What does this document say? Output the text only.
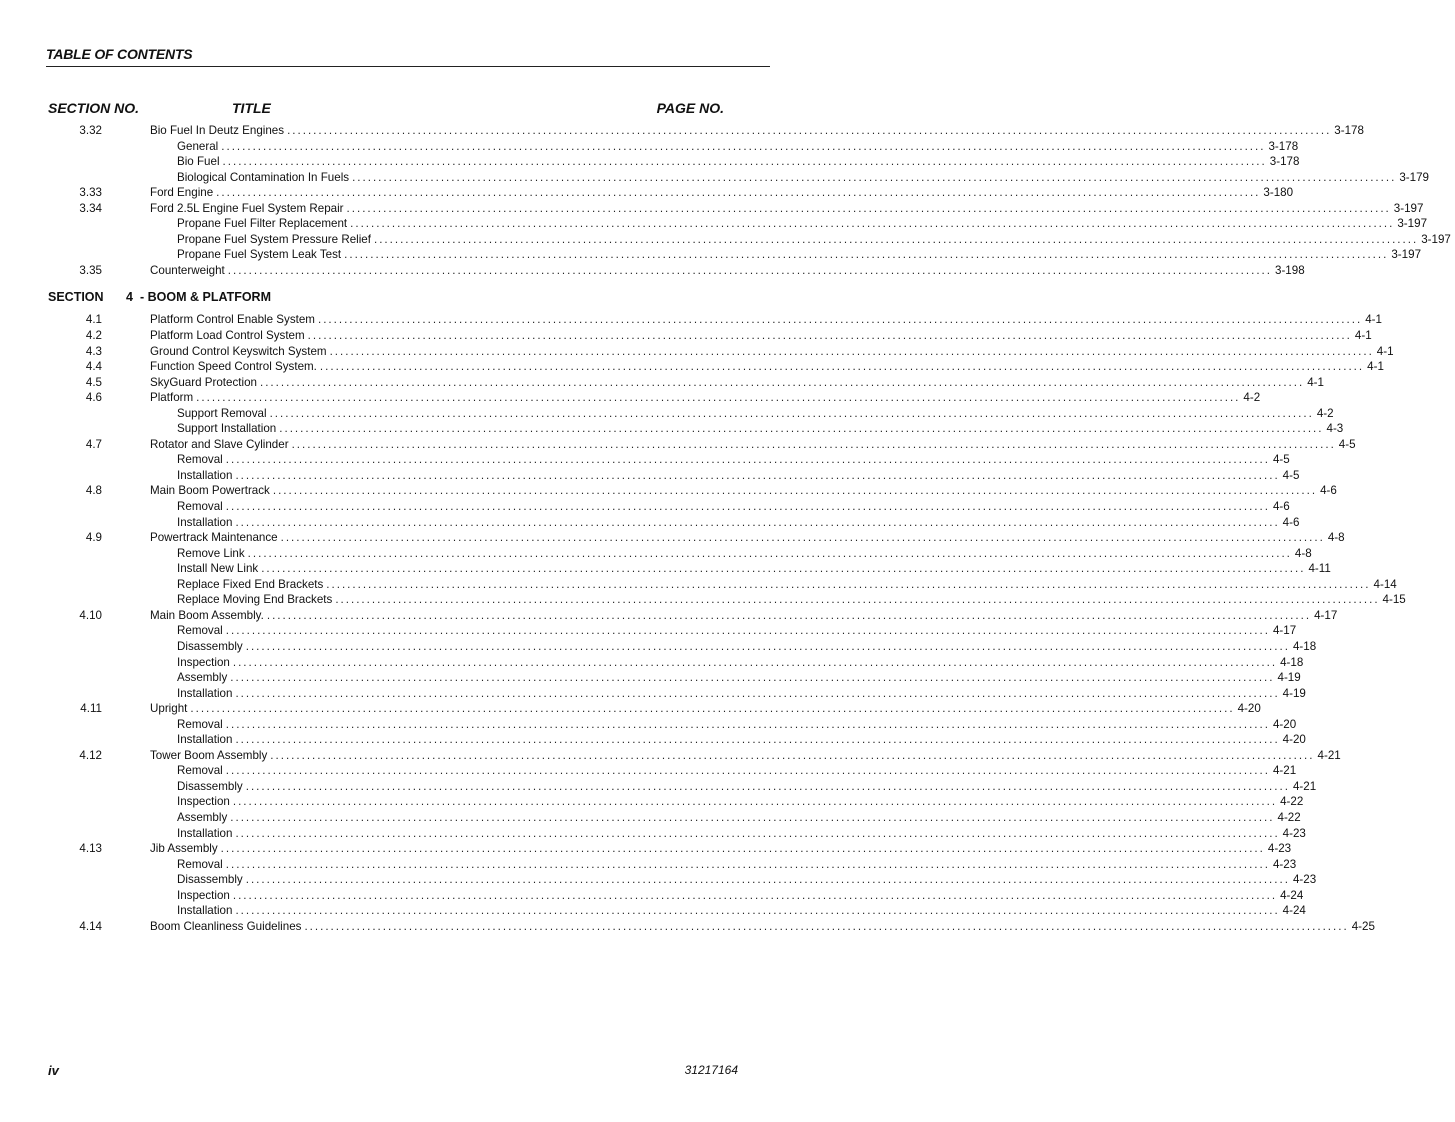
TABLE OF CONTENTS
SECTION NO.	TITLE	PAGE NO.
3.32	Bio Fuel In Deutz Engines ........................................................................................................................................................................................................ 3-178
General ........................................................................................................................................................................................................ 3-178
Bio Fuel ........................................................................................................................................................................................................ 3-178
Biological Contamination In Fuels ........................................................................................................................................................................................................ 3-179
3.33	Ford Engine ........................................................................................................................................................................................................ 3-180
3.34	Ford 2.5L Engine Fuel System Repair ........................................................................................................................................................................................................ 3-197
Propane Fuel Filter Replacement ........................................................................................................................................................................................................ 3-197
Propane Fuel System Pressure Relief ........................................................................................................................................................................................................ 3-197
Propane Fuel System Leak Test ........................................................................................................................................................................................................ 3-197
3.35	Counterweight ........................................................................................................................................................................................................ 3-198
SECTION 4 - BOOM & PLATFORM
4.1	Platform Control Enable System ........................................................................................................................................................................................................ 4-1
4.2	Platform Load Control System ........................................................................................................................................................................................................ 4-1
4.3	Ground Control Keyswitch System ........................................................................................................................................................................................................ 4-1
4.4	Function Speed Control System. ........................................................................................................................................................................................................ 4-1
4.5	SkyGuard Protection ........................................................................................................................................................................................................ 4-1
4.6	Platform ........................................................................................................................................................................................................ 4-2
Support Removal ........................................................................................................................................................................................................ 4-2
Support Installation ........................................................................................................................................................................................................ 4-3
4.7	Rotator and Slave Cylinder ........................................................................................................................................................................................................ 4-5
Removal ........................................................................................................................................................................................................ 4-5
Installation ........................................................................................................................................................................................................ 4-5
4.8	Main Boom Powertrack ........................................................................................................................................................................................................ 4-6
Removal ........................................................................................................................................................................................................ 4-6
Installation ........................................................................................................................................................................................................ 4-6
4.9	Powertrack Maintenance ........................................................................................................................................................................................................ 4-8
Remove Link ........................................................................................................................................................................................................ 4-8
Install New Link ........................................................................................................................................................................................................ 4-11
Replace Fixed End Brackets ........................................................................................................................................................................................................ 4-14
Replace Moving End Brackets ........................................................................................................................................................................................................ 4-15
4.10	Main Boom Assembly. ........................................................................................................................................................................................................ 4-17
Removal ........................................................................................................................................................................................................ 4-17
Disassembly ........................................................................................................................................................................................................ 4-18
Inspection ........................................................................................................................................................................................................ 4-18
Assembly ........................................................................................................................................................................................................ 4-19
Installation ........................................................................................................................................................................................................ 4-19
4.11	Upright ........................................................................................................................................................................................................ 4-20
Removal ........................................................................................................................................................................................................ 4-20
Installation ........................................................................................................................................................................................................ 4-20
4.12	Tower Boom Assembly ........................................................................................................................................................................................................ 4-21
Removal ........................................................................................................................................................................................................ 4-21
Disassembly ........................................................................................................................................................................................................ 4-21
Inspection ........................................................................................................................................................................................................ 4-22
Assembly ........................................................................................................................................................................................................ 4-22
Installation ........................................................................................................................................................................................................ 4-23
4.13	Jib Assembly ........................................................................................................................................................................................................ 4-23
Removal ........................................................................................................................................................................................................ 4-23
Disassembly ........................................................................................................................................................................................................ 4-23
Inspection ........................................................................................................................................................................................................ 4-24
Installation ........................................................................................................................................................................................................ 4-24
4.14	Boom Cleanliness Guidelines ........................................................................................................................................................................................................ 4-25
iv	31217164
